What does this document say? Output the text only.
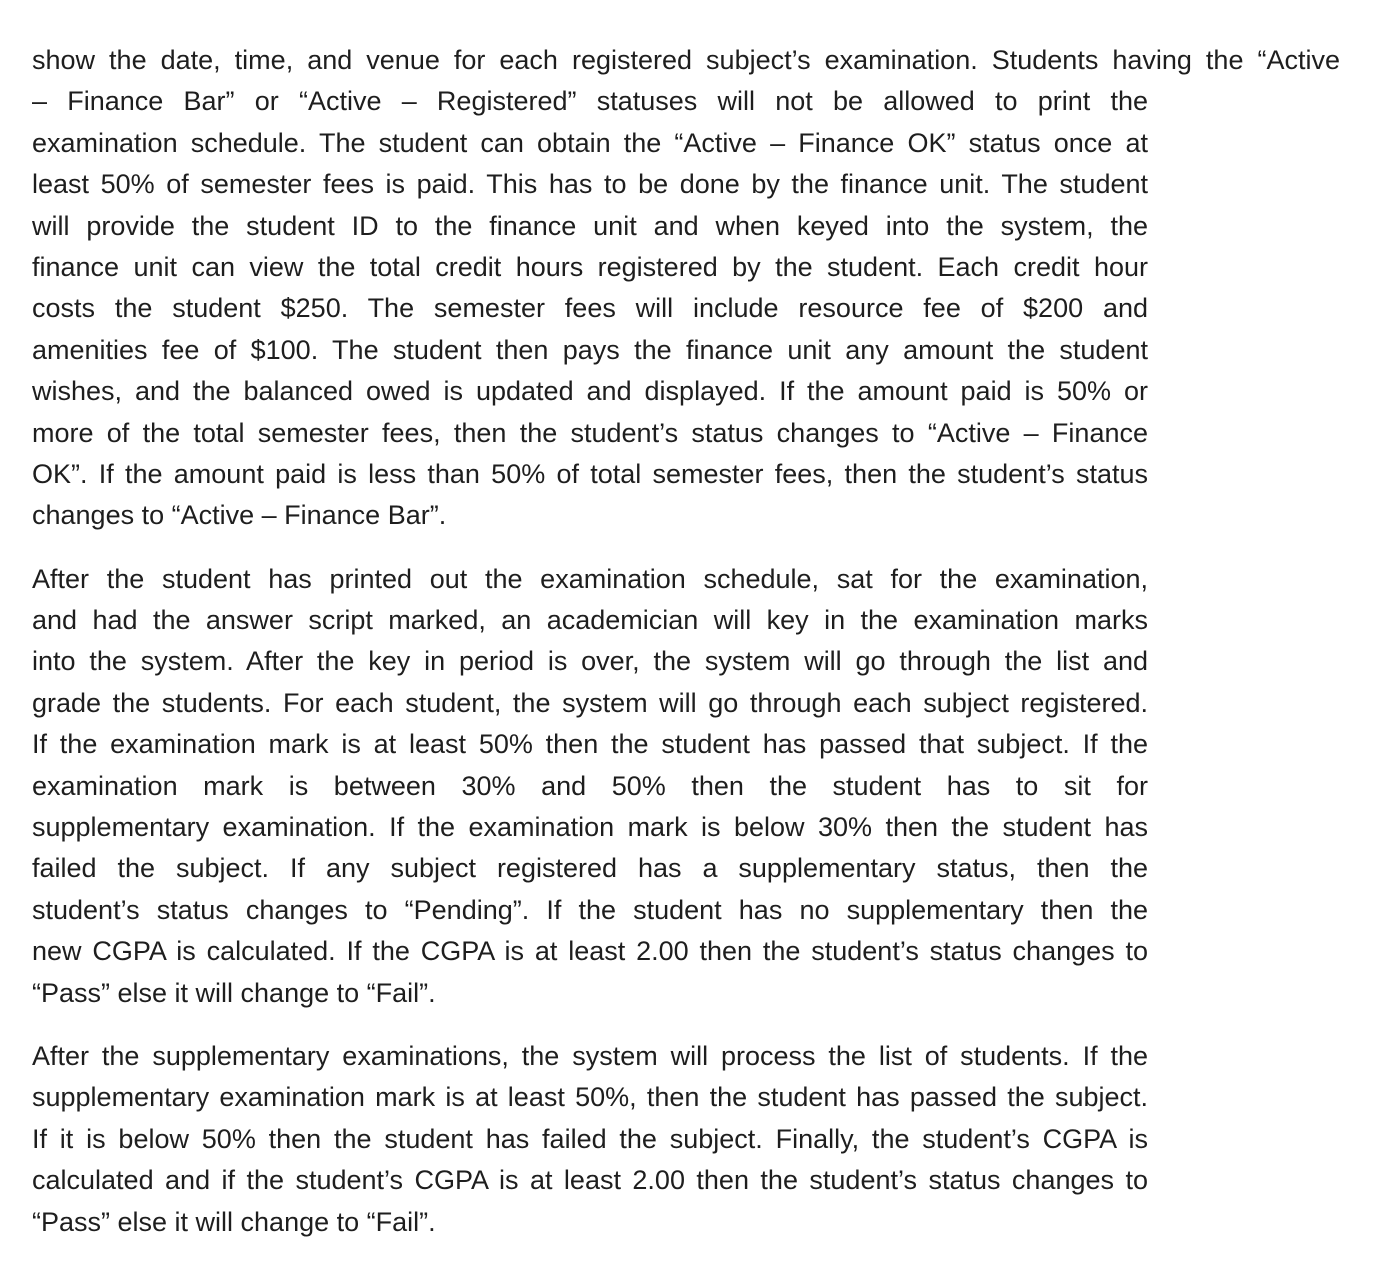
show the date, time, and venue for each registered subject’s examination. Students having the “Active
– Finance Bar” or “Active – Registered” statuses will not be allowed to print the
examination schedule. The student can obtain the “Active – Finance OK” status once at
least 50% of semester fees is paid. This has to be done by the finance unit. The student
will provide the student ID to the finance unit and when keyed into the system, the
finance unit can view the total credit hours registered by the student. Each credit hour
costs the student $250. The semester fees will include resource fee of $200 and
amenities fee of $100. The student then pays the finance unit any amount the student
wishes, and the balanced owed is updated and displayed. If the amount paid is 50% or
more of the total semester fees, then the student’s status changes to “Active – Finance
OK”. If the amount paid is less than 50% of total semester fees, then the student’s status
changes to “Active – Finance Bar”.
After the student has printed out the examination schedule, sat for the examination,
and had the answer script marked, an academician will key in the examination marks
into the system. After the key in period is over, the system will go through the list and
grade the students. For each student, the system will go through each subject registered.
If the examination mark is at least 50% then the student has passed that subject. If the
examination mark is between 30% and 50% then the student has to sit for
supplementary examination. If the examination mark is below 30% then the student has
failed the subject. If any subject registered has a supplementary status, then the
student’s status changes to “Pending”. If the student has no supplementary then the
new CGPA is calculated. If the CGPA is at least 2.00 then the student’s status changes to
“Pass” else it will change to “Fail”.
After the supplementary examinations, the system will process the list of students. If the
supplementary examination mark is at least 50%, then the student has passed the subject.
If it is below 50% then the student has failed the subject. Finally, the student’s CGPA is
calculated and if the student’s CGPA is at least 2.00 then the student’s status changes to
“Pass” else it will change to “Fail”.
